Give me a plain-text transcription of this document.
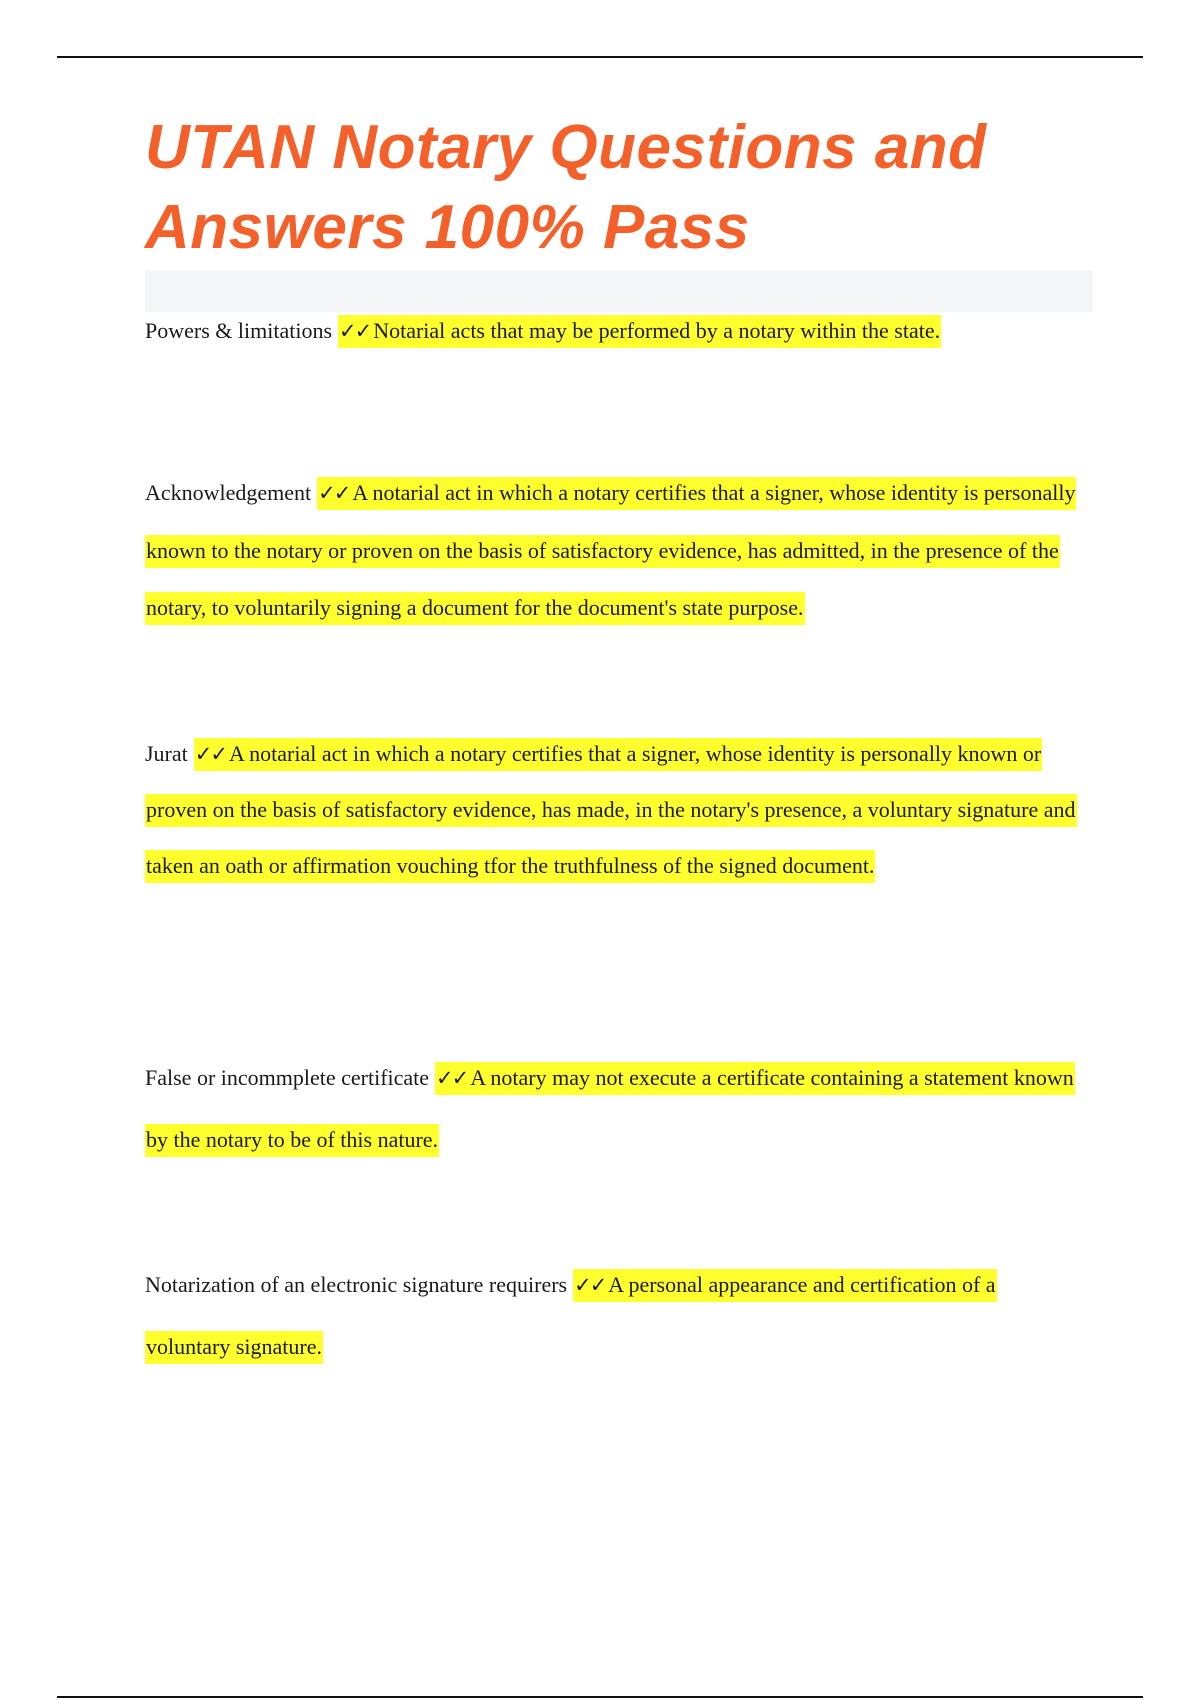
UTAN Notary Questions and Answers 100% Pass

Powers & limitations ✓✓ Notarial acts that may be performed by a notary within the state.

Acknowledgement ✓✓ A notarial act in which a notary certifies that a signer, whose identity is personally known to the notary or proven on the basis of satisfactory evidence, has admitted, in the presence of the notary, to voluntarily signing a document for the document's state purpose.

Jurat ✓✓ A notarial act in which a notary certifies that a signer, whose identity is personally known or proven on the basis of satisfactory evidence, has made, in the notary's presence, a voluntary signature and taken an oath or affirmation vouching tfor the truthfulness of the signed document.

False or incommplete certificate ✓✓ A notary may not execute a certificate containing a statement known by the notary to be of this nature.

Notarization of an electronic signature requirers ✓✓ A personal appearance and certification of a voluntary signature.
